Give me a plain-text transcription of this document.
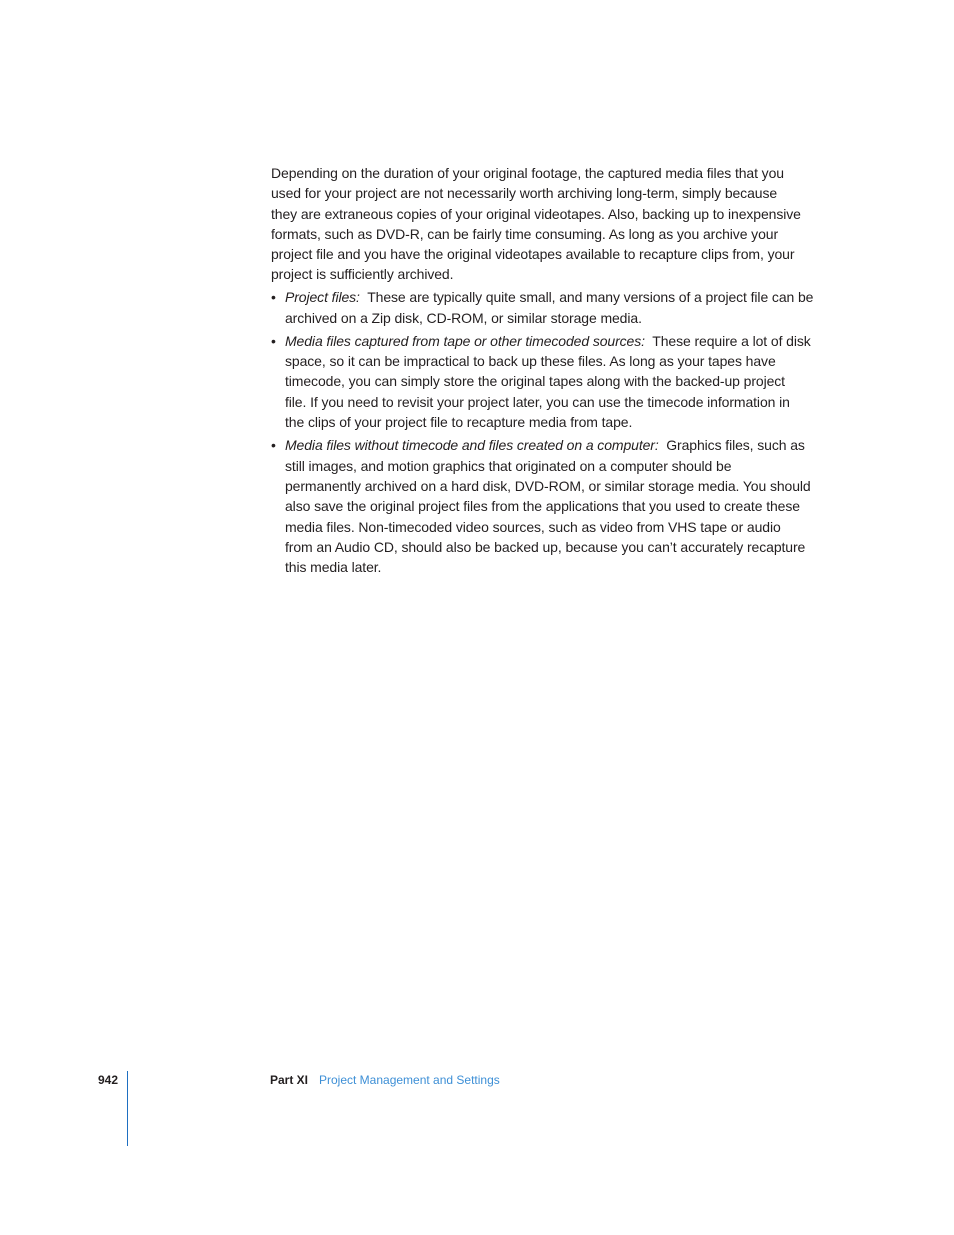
Depending on the duration of your original footage, the captured media files that you
used for your project are not necessarily worth archiving long-term, simply because
they are extraneous copies of your original videotapes. Also, backing up to inexpensive
formats, such as DVD-R, can be fairly time consuming. As long as you archive your
project file and you have the original videotapes available to recapture clips from, your
project is sufficiently archived.
• Project files: These are typically quite small, and many versions of a project file can be
archived on a Zip disk, CD-ROM, or similar storage media.
• Media files captured from tape or other timecoded sources: These require a lot of disk
space, so it can be impractical to back up these files. As long as your tapes have
timecode, you can simply store the original tapes along with the backed-up project
file. If you need to revisit your project later, you can use the timecode information in
the clips of your project file to recapture media from tape.
• Media files without timecode and files created on a computer: Graphics files, such as
still images, and motion graphics that originated on a computer should be
permanently archived on a hard disk, DVD-ROM, or similar storage media. You should
also save the original project files from the applications that you used to create these
media files. Non-timecoded video sources, such as video from VHS tape or audio
from an Audio CD, should also be backed up, because you can’t accurately recapture
this media later.
942	Part XI Project Management and Settings
